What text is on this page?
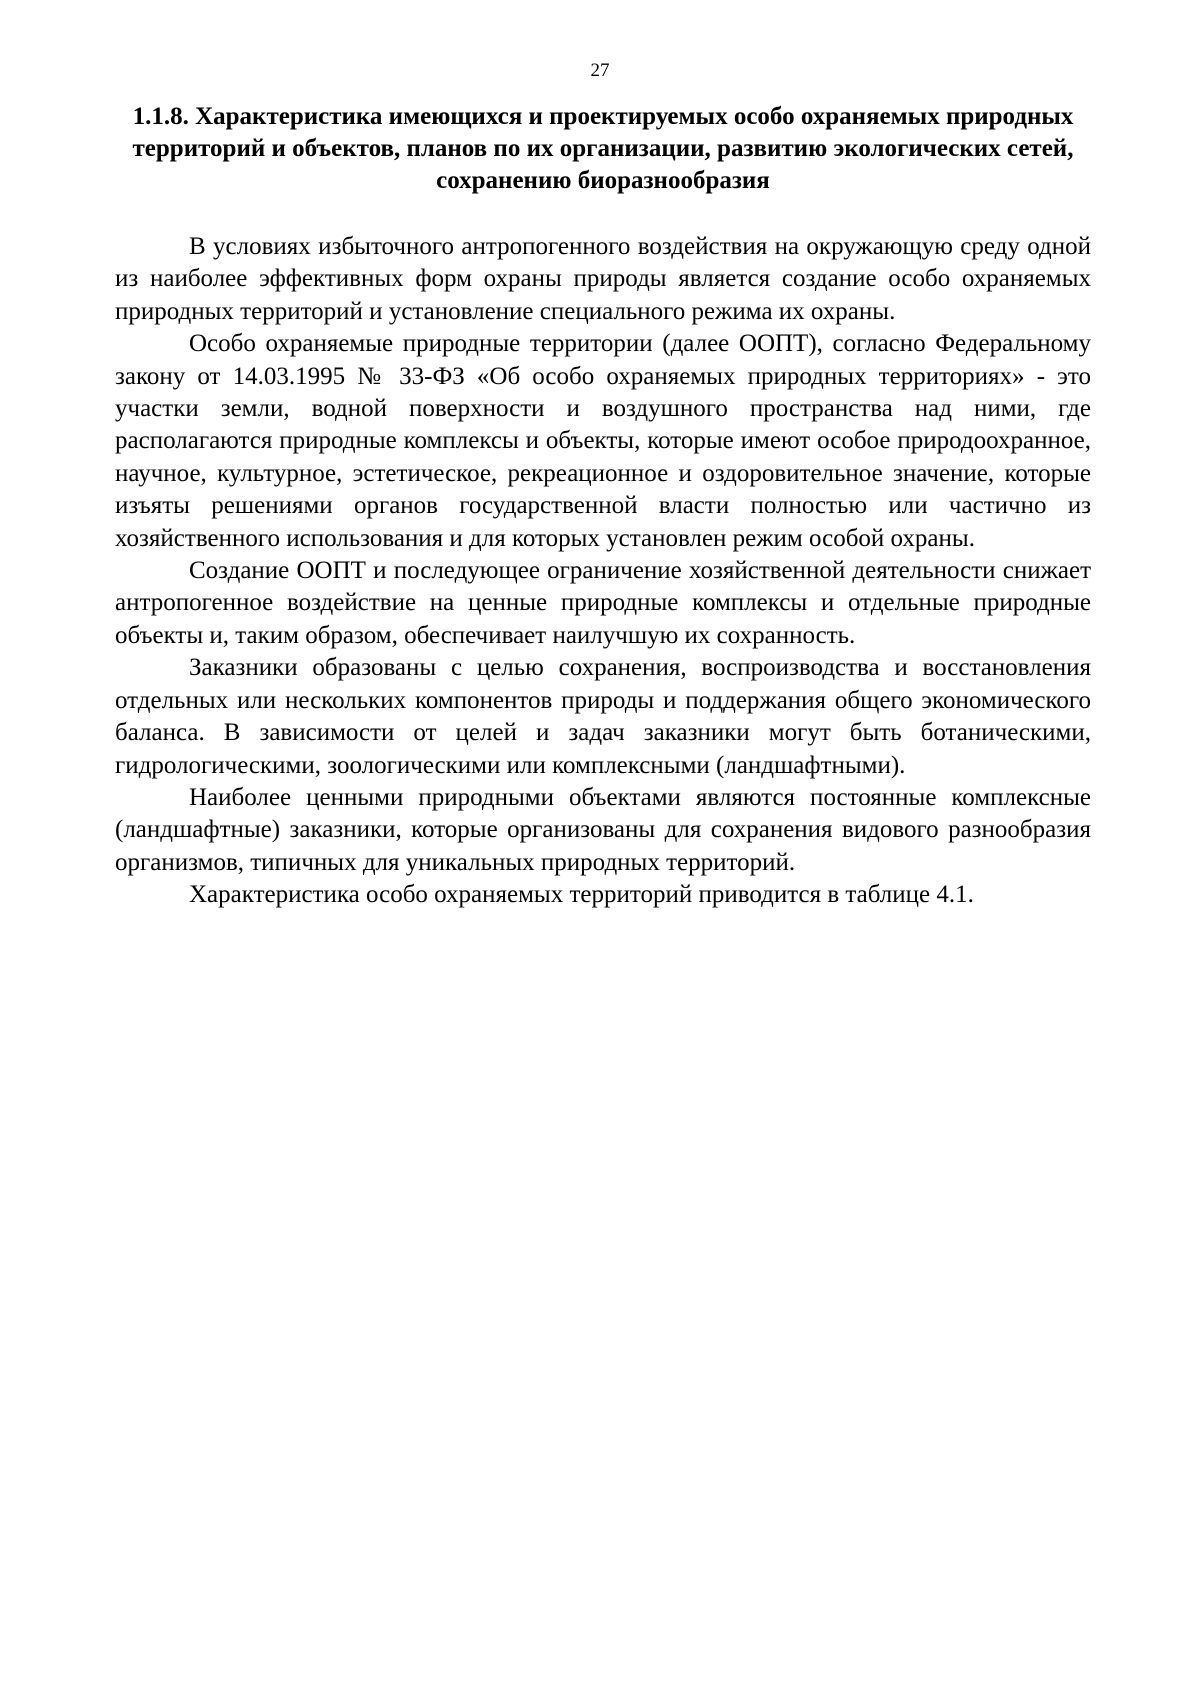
27
1.1.8. Характеристика имеющихся и проектируемых особо охраняемых природных территорий и объектов, планов по их организации, развитию экологических сетей, сохранению биоразнообразия

В условиях избыточного антропогенного воздействия на окружающую среду одной из наиболее эффективных форм охраны природы является создание особо охраняемых природных территорий и установление специального режима их охраны.

Особо охраняемые природные территории (далее ООПТ), согласно Федеральному закону от 14.03.1995 № 33-ФЗ «Об особо охраняемых природных территориях» - это участки земли, водной поверхности и воздушного пространства над ними, где располагаются природные комплексы и объекты, которые имеют особое природоохранное, научное, культурное, эстетическое, рекреационное и оздоровительное значение, которые изъяты решениями органов государственной власти полностью или частично из хозяйственного использования и для которых установлен режим особой охраны.

Создание ООПТ и последующее ограничение хозяйственной деятельности снижает антропогенное воздействие на ценные природные комплексы и отдельные природные объекты и, таким образом, обеспечивает наилучшую их сохранность.

Заказники образованы с целью сохранения, воспроизводства и восстановления отдельных или нескольких компонентов природы и поддержания общего экономического баланса. В зависимости от целей и задач заказники могут быть ботаническими, гидрологическими, зоологическими или комплексными (ландшафтными).

Наиболее ценными природными объектами являются постоянные комплексные (ландшафтные) заказники, которые организованы для сохранения видового разнообразия организмов, типичных для уникальных природных территорий.

Характеристика особо охраняемых территорий приводится в таблице 4.1.
